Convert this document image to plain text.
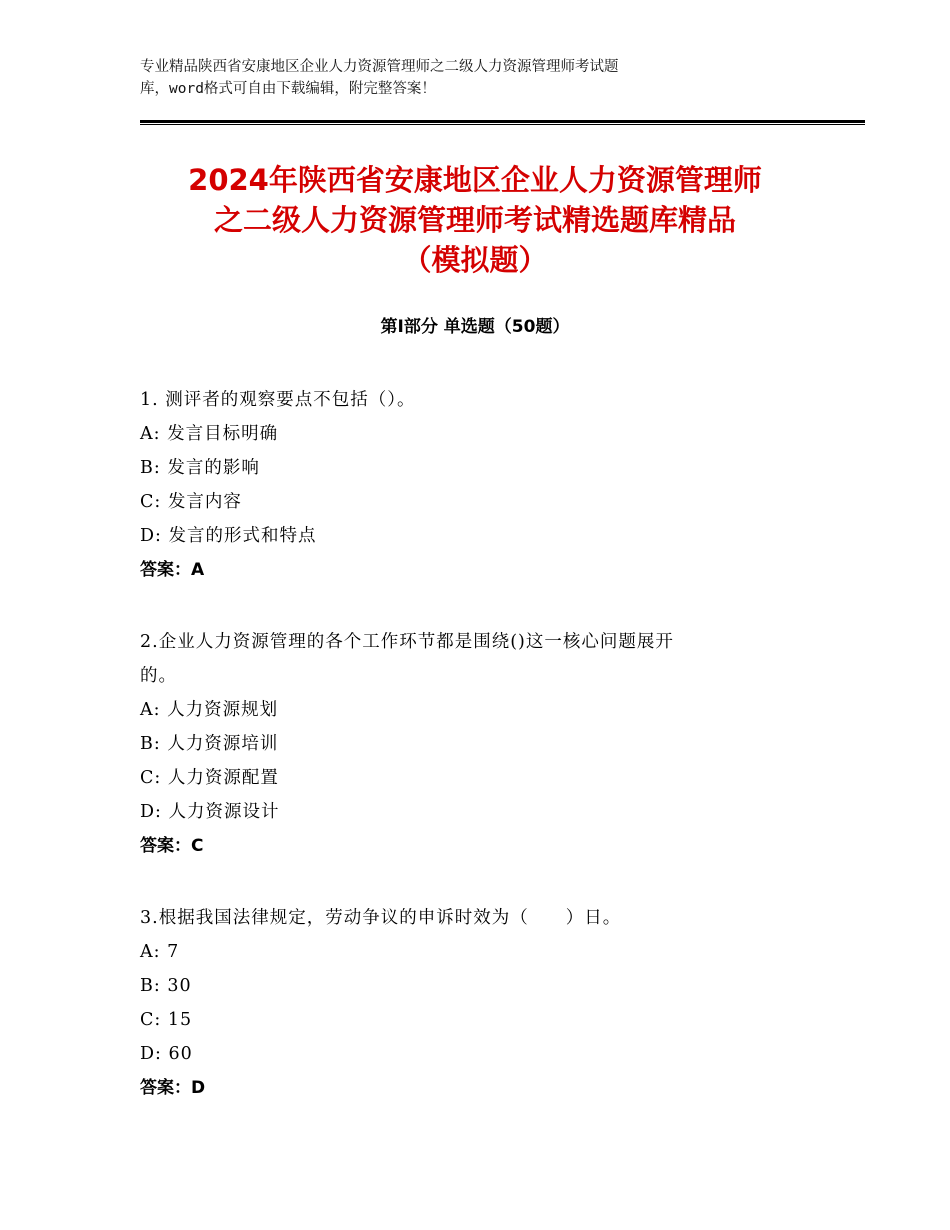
专业精品陕西省安康地区企业人力资源管理师之二级人力资源管理师考试题
库，word格式可自由下载编辑，附完整答案！
2024年陕西省安康地区企业人力资源管理师
之二级人力资源管理师考试精选题库精品
（模拟题）
第Ⅰ部分 单选题（50题）
1. 测评者的观察要点不包括（）。
A: 发言目标明确
B: 发言的影响
C: 发言内容
D: 发言的形式和特点
答案：A
2.企业人力资源管理的各个工作环节都是围绕()这一核心问题展开
的。
A: 人力资源规划
B: 人力资源培训
C: 人力资源配置
D: 人力资源设计
答案：C
3.根据我国法律规定，劳动争议的申诉时效为（　　）日。
A: 7
B: 30
C: 15
D: 60
答案：D
